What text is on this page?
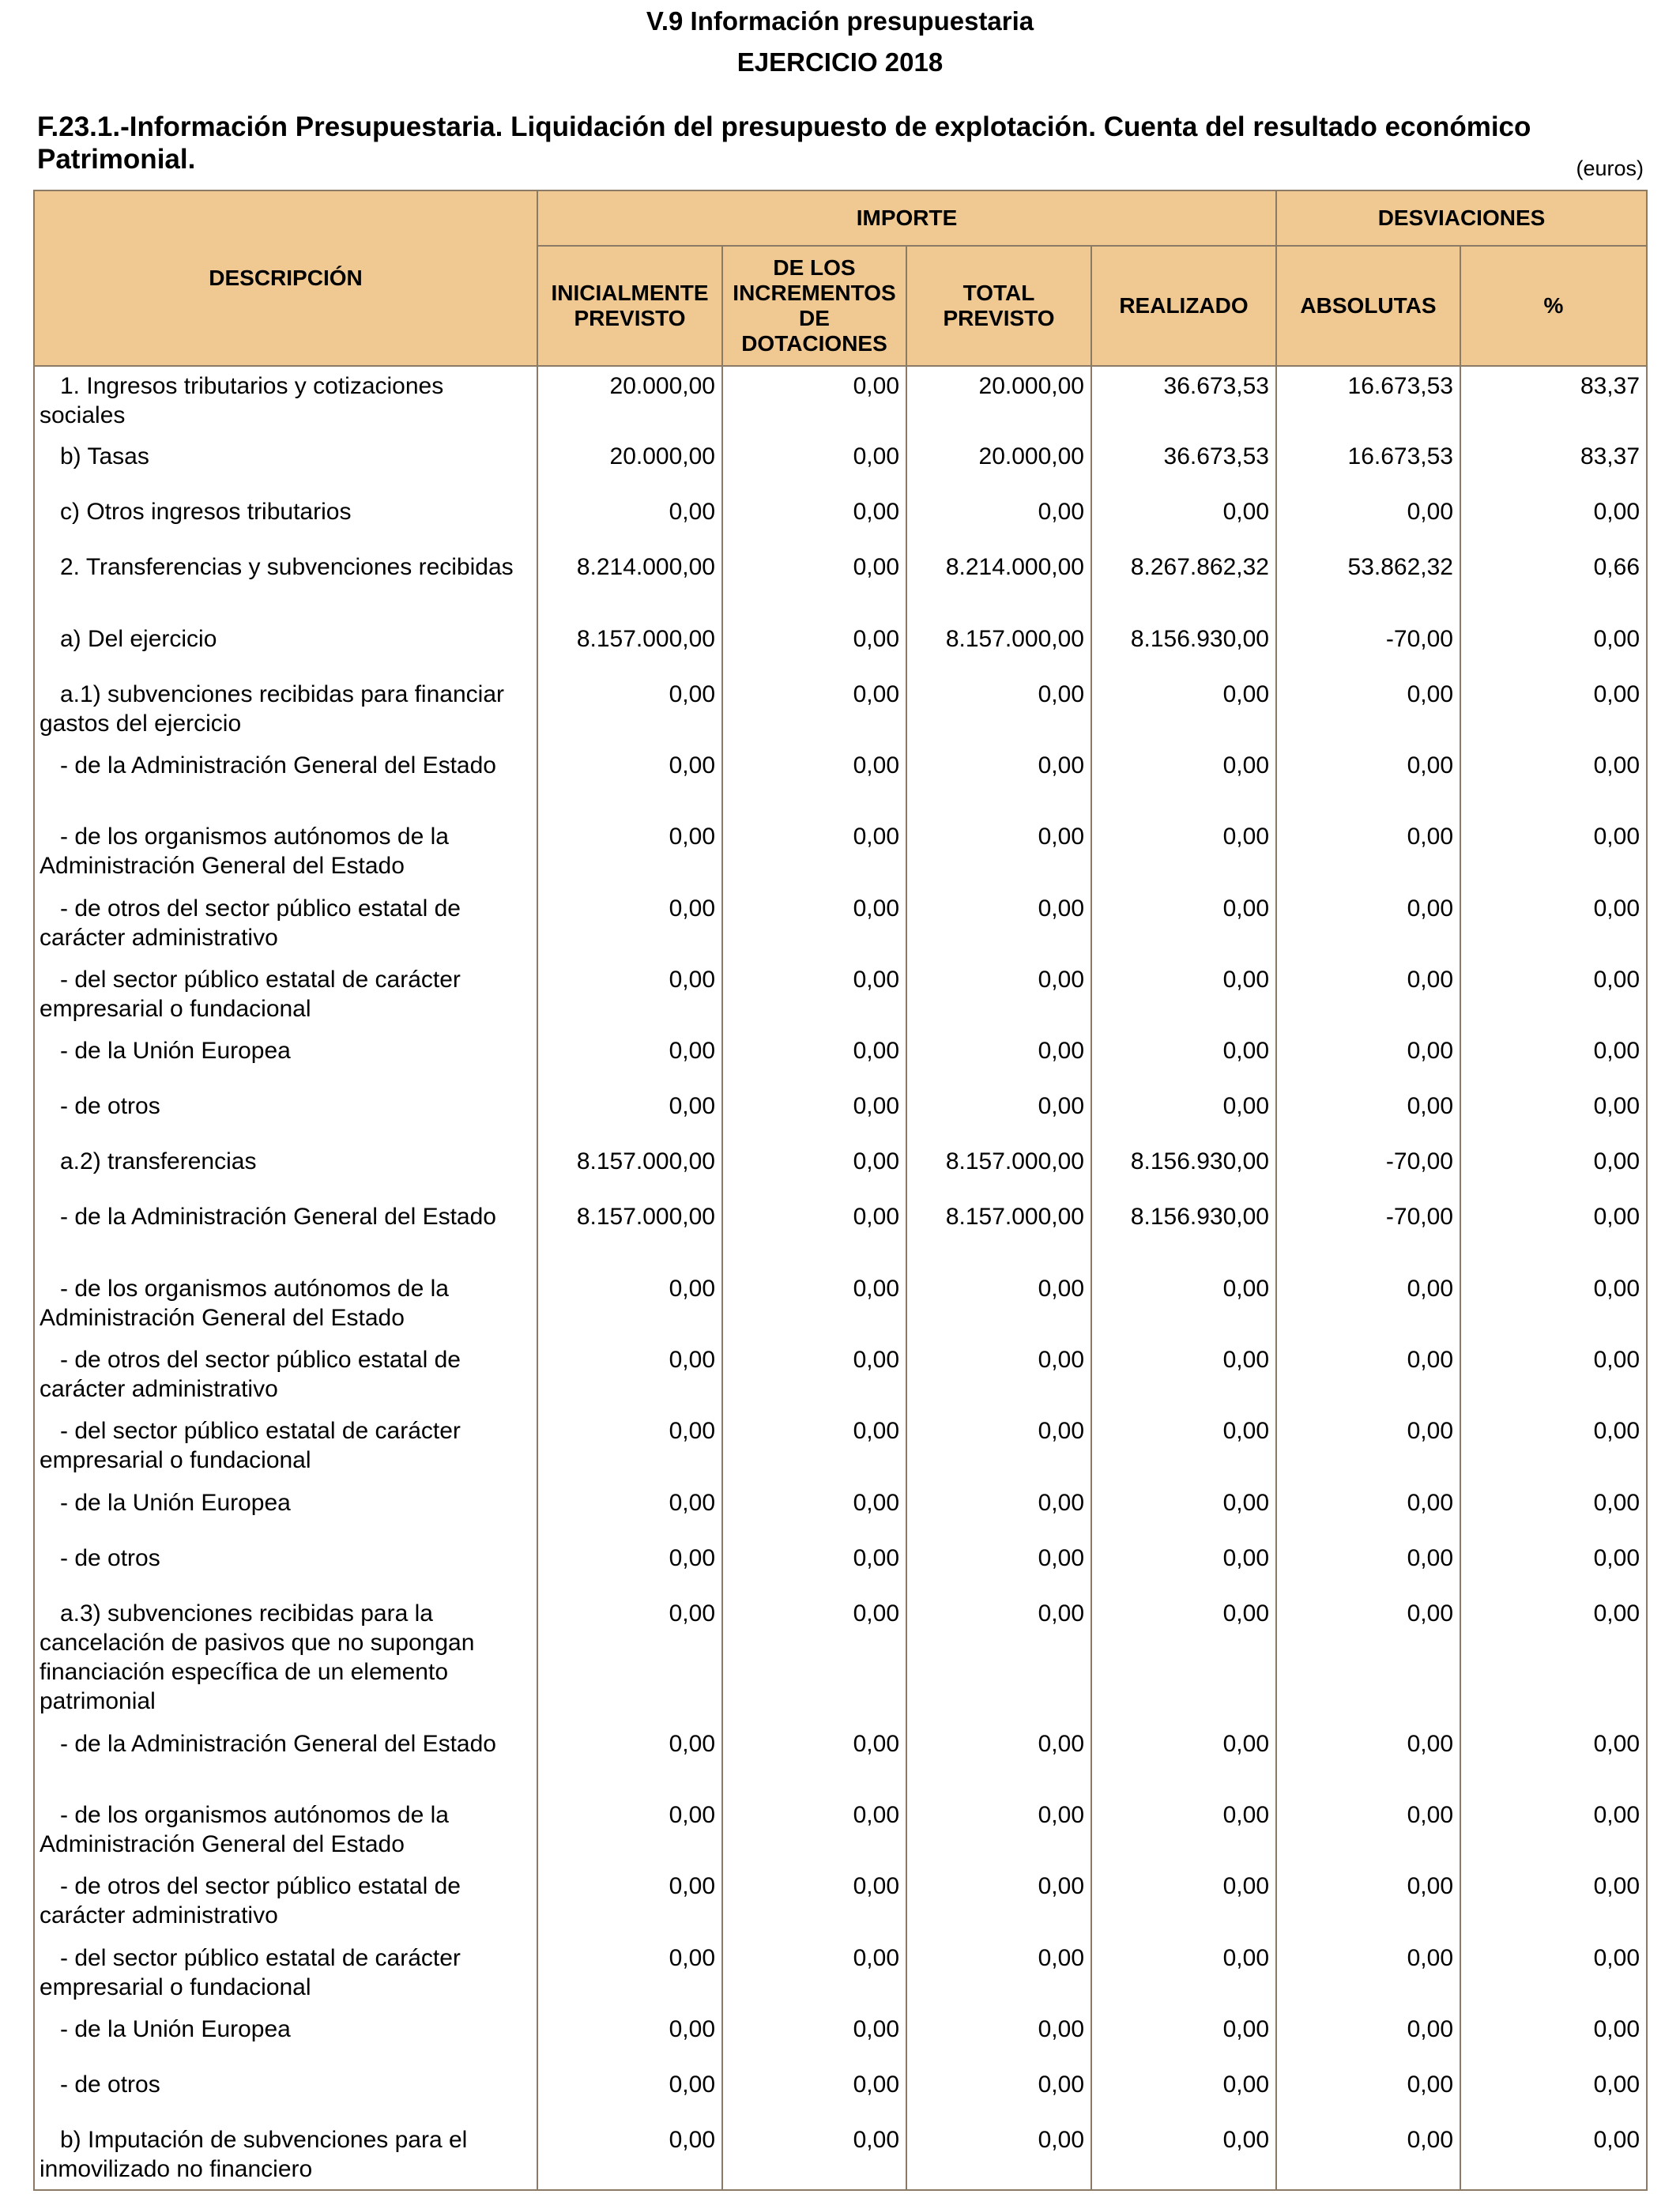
V.9 Información presupuestaria
EJERCICIO 2018
F.23.1.-Información Presupuestaria. Liquidación del presupuesto de explotación. Cuenta del resultado económico Patrimonial.	(euros)
DESCRIPCIÓN	IMPORTE				DESVIACIONES	
	INICIALMENTE PREVISTO	DE LOS INCREMENTOS DE DOTACIONES	TOTAL PREVISTO	REALIZADO	ABSOLUTAS	%
1. Ingresos tributarios y cotizaciones sociales	20.000,00	0,00	20.000,00	36.673,53	16.673,53	83,37
b) Tasas	20.000,00	0,00	20.000,00	36.673,53	16.673,53	83,37
c) Otros ingresos tributarios	0,00	0,00	0,00	0,00	0,00	0,00
2. Transferencias y subvenciones recibidas	8.214.000,00	0,00	8.214.000,00	8.267.862,32	53.862,32	0,66
a) Del ejercicio	8.157.000,00	0,00	8.157.000,00	8.156.930,00	-70,00	0,00
a.1) subvenciones recibidas para financiar gastos del ejercicio	0,00	0,00	0,00	0,00	0,00	0,00
- de la Administración General del Estado	0,00	0,00	0,00	0,00	0,00	0,00
- de los organismos autónomos de la Administración General del Estado	0,00	0,00	0,00	0,00	0,00	0,00
- de otros del sector público estatal de carácter administrativo	0,00	0,00	0,00	0,00	0,00	0,00
- del sector público estatal de carácter empresarial o fundacional	0,00	0,00	0,00	0,00	0,00	0,00
- de la Unión Europea	0,00	0,00	0,00	0,00	0,00	0,00
- de otros	0,00	0,00	0,00	0,00	0,00	0,00
a.2) transferencias	8.157.000,00	0,00	8.157.000,00	8.156.930,00	-70,00	0,00
- de la Administración General del Estado	8.157.000,00	0,00	8.157.000,00	8.156.930,00	-70,00	0,00
- de los organismos autónomos de la Administración General del Estado	0,00	0,00	0,00	0,00	0,00	0,00
- de otros del sector público estatal de carácter administrativo	0,00	0,00	0,00	0,00	0,00	0,00
- del sector público estatal de carácter empresarial o fundacional	0,00	0,00	0,00	0,00	0,00	0,00
- de la Unión Europea	0,00	0,00	0,00	0,00	0,00	0,00
- de otros	0,00	0,00	0,00	0,00	0,00	0,00
a.3) subvenciones recibidas para la cancelación de pasivos que no supongan financiación específica de un elemento patrimonial	0,00	0,00	0,00	0,00	0,00	0,00
- de la Administración General del Estado	0,00	0,00	0,00	0,00	0,00	0,00
- de los organismos autónomos de la Administración General del Estado	0,00	0,00	0,00	0,00	0,00	0,00
- de otros del sector público estatal de carácter administrativo	0,00	0,00	0,00	0,00	0,00	0,00
- del sector público estatal de carácter empresarial o fundacional	0,00	0,00	0,00	0,00	0,00	0,00
- de la Unión Europea	0,00	0,00	0,00	0,00	0,00	0,00
- de otros	0,00	0,00	0,00	0,00	0,00	0,00
b) Imputación de subvenciones para el inmovilizado no financiero	0,00	0,00	0,00	0,00	0,00	0,00
